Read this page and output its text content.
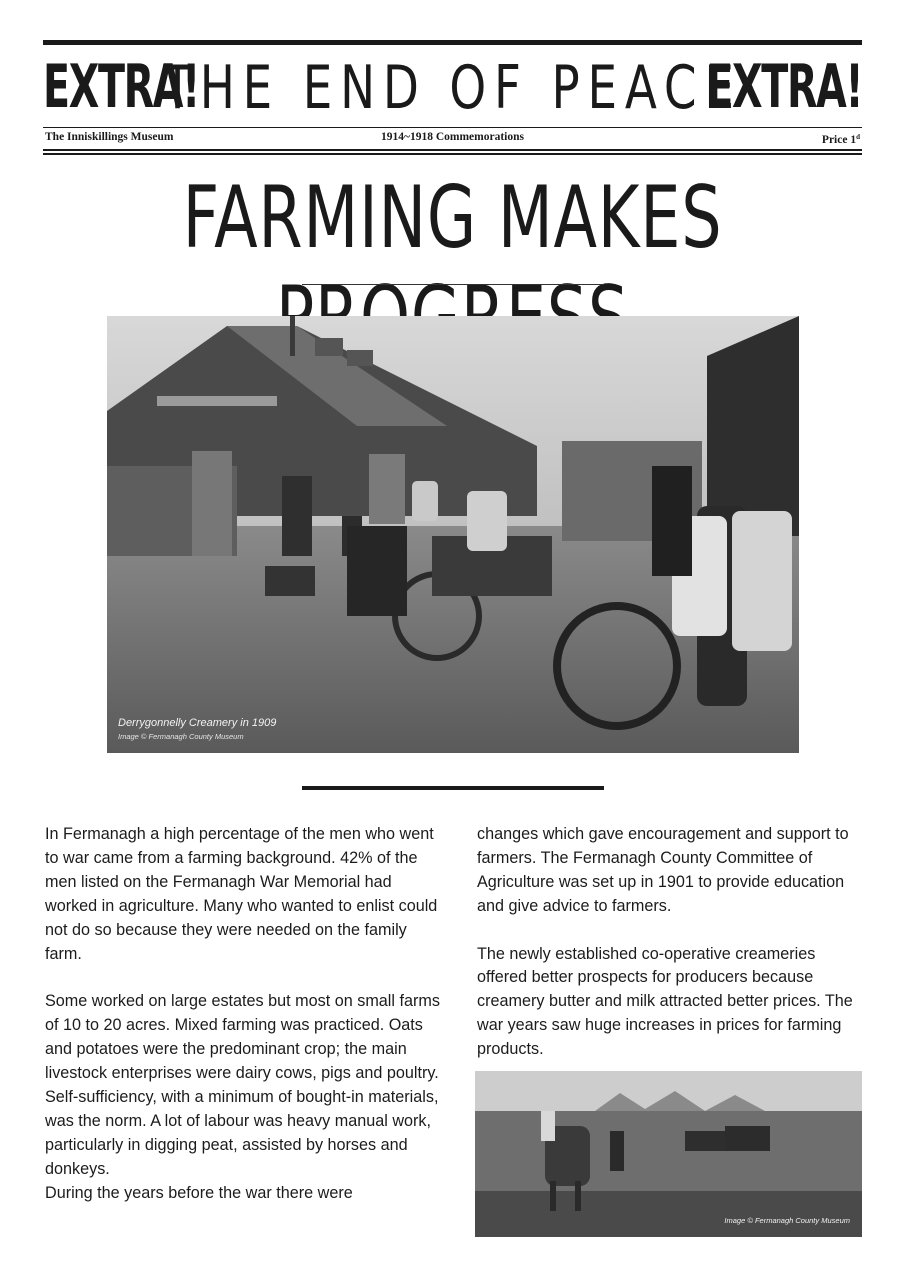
EXTRA!
THE END OF PEACE
EXTRA!
The Inniskillings Museum	1914~1918 Commemorations	Price 1$^d$
FARMING MAKES
Derrygonnelly Creamery in 1909
Image © Fermanagh County Museum

In Fermanagh a high percentage of the men who went to war came from a farming background. 42% of the men listed on the Fermanagh War Memorial had worked in agriculture. Many who wanted to enlist could not do so because they were needed on the family farm.

Some worked on large estates but most on small farms of 10 to 20 acres. Mixed farming was practiced. Oats and potatoes were the predominant crop; the main livestock enterprises were dairy cows, pigs and poultry. Self-sufficiency, with a minimum of bought-in materials, was the norm. A lot of labour was heavy manual work, particularly in digging peat, assisted by horses and donkeys.

During the years before the war there were

changes which gave encouragement and support to farmers. The Fermanagh County Committee of Agriculture was set up in 1901 to provide education and give advice to farmers.

The newly established co-operative creameries offered better prospects for producers because creamery butter and milk attracted better prices. The war years saw huge increases in prices for farming products.

Image © Fermanagh County Museum
